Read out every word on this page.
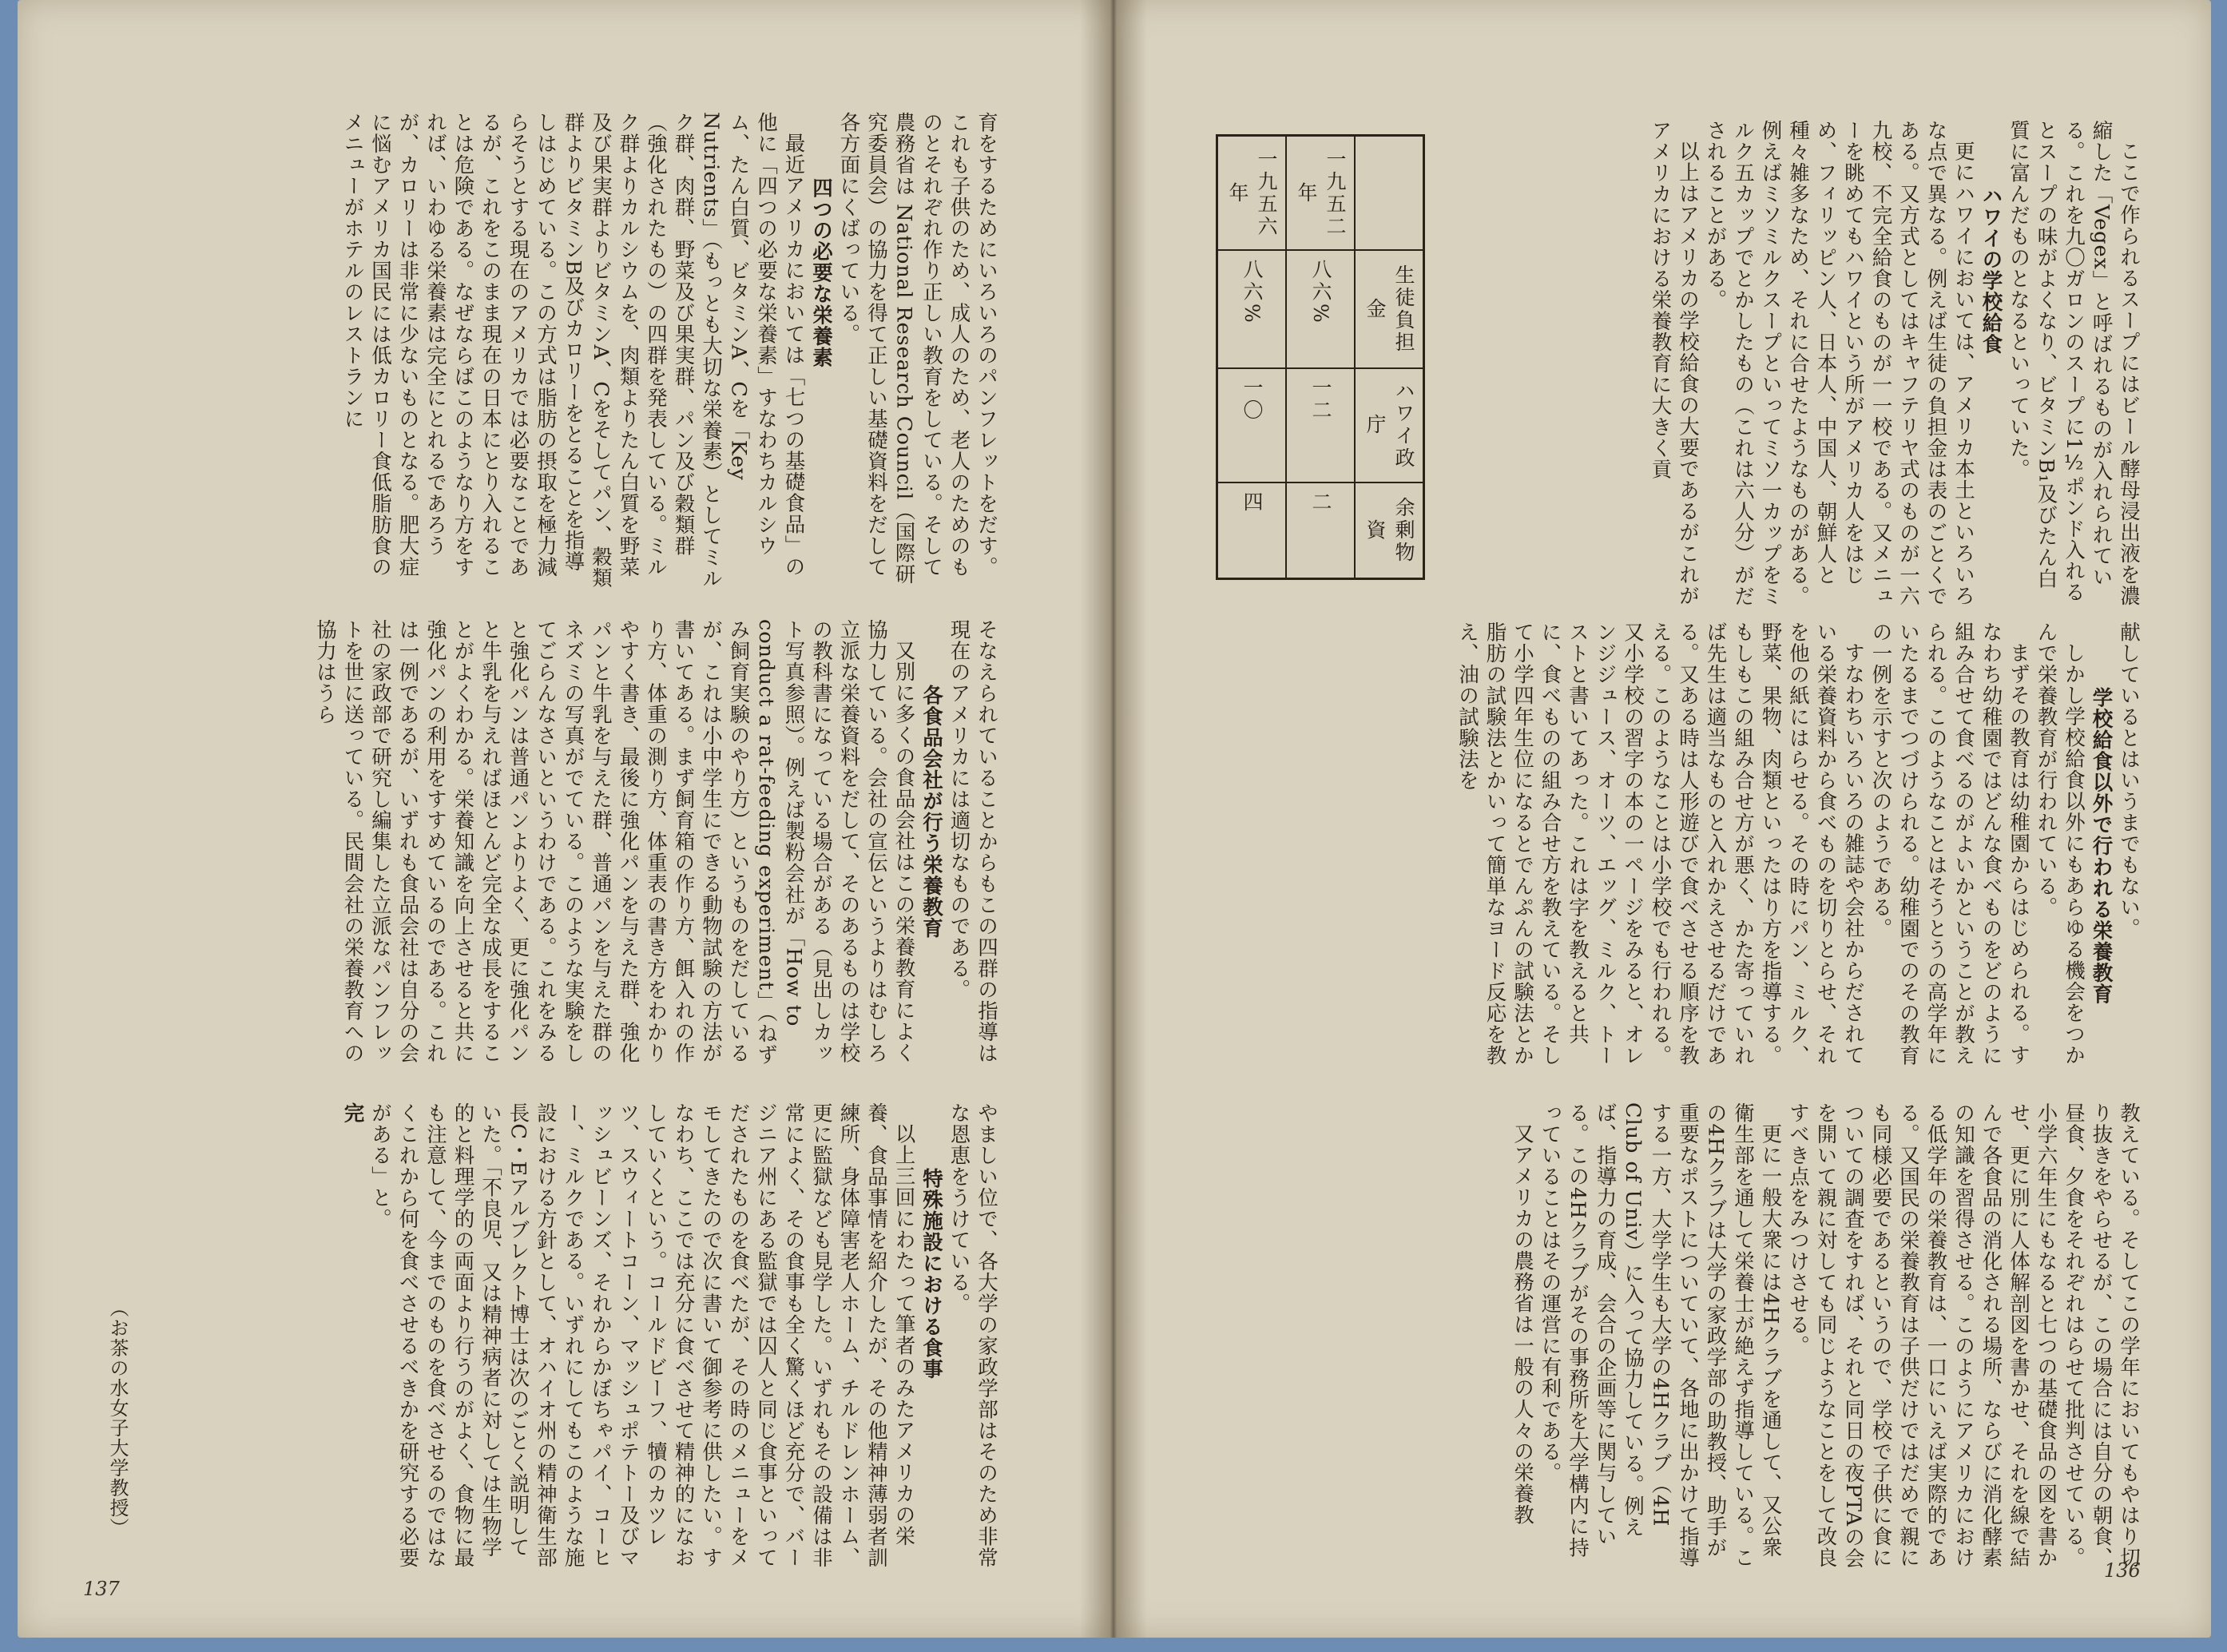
ここで作られるスープにはビール酵母浸出液を濃縮した「Vegex」と呼ばれるものが入れられている。これを九〇ガロンのスープに1½ポンド入れるとスープの味がよくなり、ビタミンB₁及びたん白質に富んだものとなるといっていた。

ハワイの学校給食

更にハワイにおいては、アメリカ本土といろいろな点で異なる。例えば生徒の負担金は表のごとくである。又方式としてはキャフテリヤ式のものが一六九校、不完全給食のものが一一校である。又メニューを眺めてもハワイという所がアメリカ人をはじめ、フィリッピン人、日本人、中国人、朝鮮人と種々雑多なため、それに合せたようなものがある。例えばミソミルクスープといってミソ一カップをミルク五カップでとかしたもの（これは六人分）がだされることがある。

以上はアメリカの学校給食の大要であるがこれがアメリカにおける栄養教育に大きく貢

	生徒負担金	ハワイ政庁	余剰物資
一九五二年	八六%	一二	二
一九五六年	八六%	一〇	四

献しているとはいうまでもない。

学校給食以外で行われる栄養教育

しかし学校給食以外にもあらゆる機会をつかんで栄養教育が行われている。

まずその教育は幼稚園からはじめられる。すなわち幼稚園ではどんな食べものをどのように組み合せて食べるのがよいかということが教えられる。このようなことはそうとうの高学年にいたるまでつづけられる。幼稚園でのその教育の一例を示すと次のようである。

すなわちいろいろの雑誌や会社からだされている栄養資料から食べものを切りとらせ、それを他の紙にはらせる。その時にパン、ミルク、野菜、果物、肉類といったはり方を指導する。もしもこの組み合せ方が悪く、かた寄っていれば先生は適当なものと入れかえさせるだけである。又ある時は人形遊びで食べさせる順序を教える。このようなことは小学校でも行われる。又小学校の習字の本の一ページをみると、オレンジジュース、オーツ、エッグ、ミルク、トーストと書いてあった。これは字を教えると共に、食べものの組み合せ方を教えている。そして小学四年生位になるとでんぷんの試験法とか脂肪の試験法とかいって簡単なヨード反応を教え、油の試験法を

教えている。そしてこの学年においてもやはり切り抜きをやらせるが、この場合には自分の朝食、昼食、夕食をそれぞれはらせて批判させている。小学六年生にもなると七つの基礎食品の図を書かせ、更に別に人体解剖図を書かせ、それを線で結んで各食品の消化される場所、ならびに消化酵素の知識を習得させる。このようにアメリカにおける低学年の栄養教育は、一口にいえば実際的である。又国民の栄養教育は子供だけではだめで親にも同様必要であるというので、学校で子供に食についての調査をすれば、それと同日の夜PTAの会を開いて親に対しても同じようなことをして改良すべき点をみつけさせる。

更に一般大衆には4Hクラブを通して、又公衆衛生部を通して栄養士が絶えず指導している。この4Hクラブは大学の家政学部の助教授、助手が重要なポストについていて、各地に出かけて指導する一方、大学学生も大学の4Hクラブ（4H Club of Univ）に入って協力している。例えば、指導力の育成、会合の企画等に関与している。この4Hクラブがその事務所を大学構内に持っていることはその運営に有利である。

又アメリカの農務省は一般の人々の栄養教

136

育をするためにいろいろのパンフレットをだす。これも子供のため、成人のため、老人のためのものとそれぞれ作り正しい教育をしている。そして農務省は National Research Council（国際研究委員会）の協力を得て正しい基礎資料をだして各方面にくばっている。

四つの必要な栄養素

最近アメリカにおいては「七つの基礎食品」の他に「四つの必要な栄養素」すなわちカルシウム、たん白質、ビタミンA、Cを「Key Nutrients」（もっとも大切な栄養素）としてミルク群、肉群、野菜及び果実群、パン及び穀類群（強化されたもの）の四群を発表している。ミルク群よりカルシウムを、肉類よりたん白質を野菜及び果実群よりビタミンA、Cをそしてパン、穀類群よりビタミンB及びカロリーをとることを指導しはじめている。この方式は脂肪の摂取を極力減らそうとする現在のアメリカでは必要なことであるが、これをこのまま現在の日本にとり入れることは危険である。なぜならばこのようなり方をすれば、いわゆる栄養素は完全にとれるであろうが、カロリーは非常に少ないものとなる。肥大症に悩むアメリカ国民には低カロリー食低脂肪食のメニューがホテルのレストランに

そなえられていることからもこの四群の指導は現在のアメリカには適切なものである。

各食品会社が行う栄養教育

又別に多くの食品会社はこの栄養教育によく協力している。会社の宣伝というよりはむしろ立派な栄養資料をだして、そのあるものは学校の教科書になっている場合がある（見出しカット写真参照）。例えば製粉会社が「How to conduct a rat-feeding experiment」（ねずみ飼育実験のやり方）というものをだしているが、これは小中学生にできる動物試験の方法が書いてある。まず飼育箱の作り方、餌入れの作り方、体重の測り方、体重表の書き方をわかりやすく書き、最後に強化パンを与えた群、強化パンと牛乳を与えた群、普通パンを与えた群のネズミの写真がでている。このような実験をしてごらんなさいというわけである。これをみると強化パンは普通パンよりよく、更に強化パンと牛乳を与えればほとんど完全な成長をすることがよくわかる。栄養知識を向上させると共に強化パンの利用をすすめているのである。これは一例であるが、いずれも食品会社は自分の会社の家政部で研究し編集した立派なパンフレットを世に送っている。民間会社の栄養教育への協力はうら

やましい位で、各大学の家政学部はそのため非常な恩恵をうけている。

特殊施設における食事

以上三回にわたって筆者のみたアメリカの栄養、食品事情を紹介したが、その他精神薄弱者訓練所、身体障害老人ホーム、チルドレンホーム、更に監獄なども見学した。いずれもその設備は非常によく、その食事も全く驚くほど充分で、バージニア州にある監獄では囚人と同じ食事といってだされたものを食べたが、その時のメニューをメモしてきたので次に書いて御参考に供したい。すなわち、ここでは充分に食べさせて精神的になおしていくという。コールドビーフ、犢のカツレツ、スウィートコーン、マッシュポテトー及びマッシュビーンズ、それからかぼちゃパイ、コーヒー、ミルクである。いずれにしてもこのような施設における方針として、オハイオ州の精神衛生部長C・Eアルブレクト博士は次のごとく説明していた。「不良児、又は精神病者に対しては生物学的と料理学的の両面より行うのがよく、食物に最も注意して、今までのものを食べさせるのではなくこれから何を食べさせるべきかを研究する必要がある」と。

完

（お茶の水女子大学教授）
137
